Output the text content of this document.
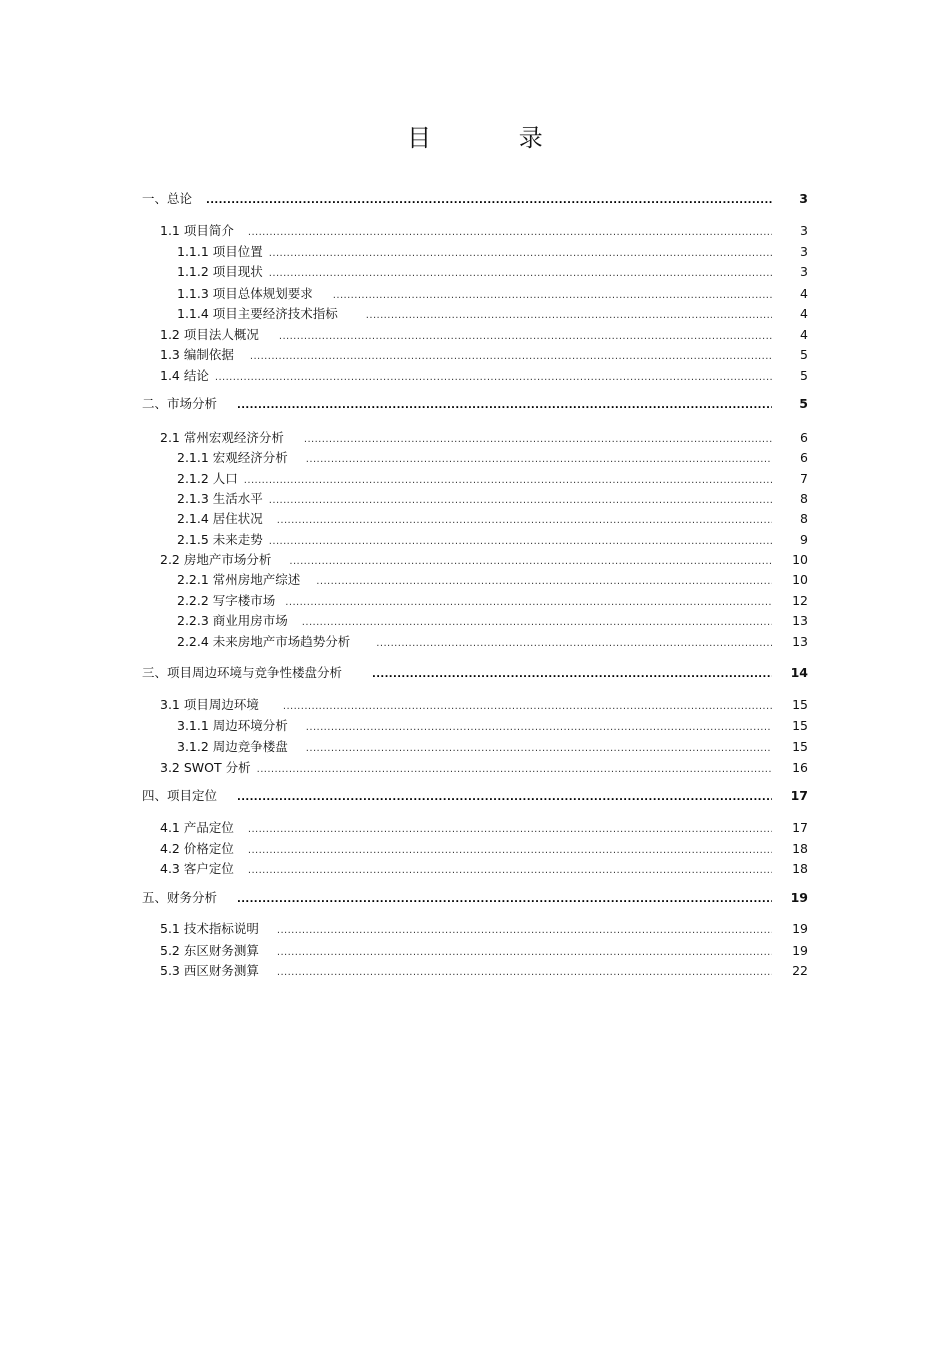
目 录
一、总论 .....	3
1.1 项目简介 .....	3
1.1.1 项目位置 .....	3
1.1.2 项目现状 .....	3
1.1.3 项目总体规划要求 .....	4
1.1.4 项目主要经济技术指标 .....	4
1.2 项目法人概况 .....	4
1.3 编制依据 .....	5
1.4 结论 .....	5
二、市场分析 .....	5
2.1 常州宏观经济分析 .....	6
2.1.1 宏观经济分析 .....	6
2.1.2 人口 .....	7
2.1.3 生活水平 .....	8
2.1.4 居住状况 .....	8
2.1.5 未来走势 .....	9
2.2 房地产市场分析 .....	10
2.2.1 常州房地产综述 .....	10
2.2.2 写字楼市场 .....	12
2.2.3 商业用房市场 .....	13
2.2.4 未来房地产市场趋势分析 .....	13
三、项目周边环境与竞争性楼盘分析 .....	14
3.1 项目周边环境 .....	15
3.1.1 周边环境分析 .....	15
3.1.2 周边竞争楼盘 .....	15
3.2 SWOT 分析 .....	16
四、项目定位 .....	17
4.1 产品定位 .....	17
4.2 价格定位 .....	18
4.3 客户定位 .....	18
五、财务分析 .....	19
5.1 技术指标说明 .....	19
5.2 东区财务测算 .....	19
5.3 西区财务测算 .....	22
